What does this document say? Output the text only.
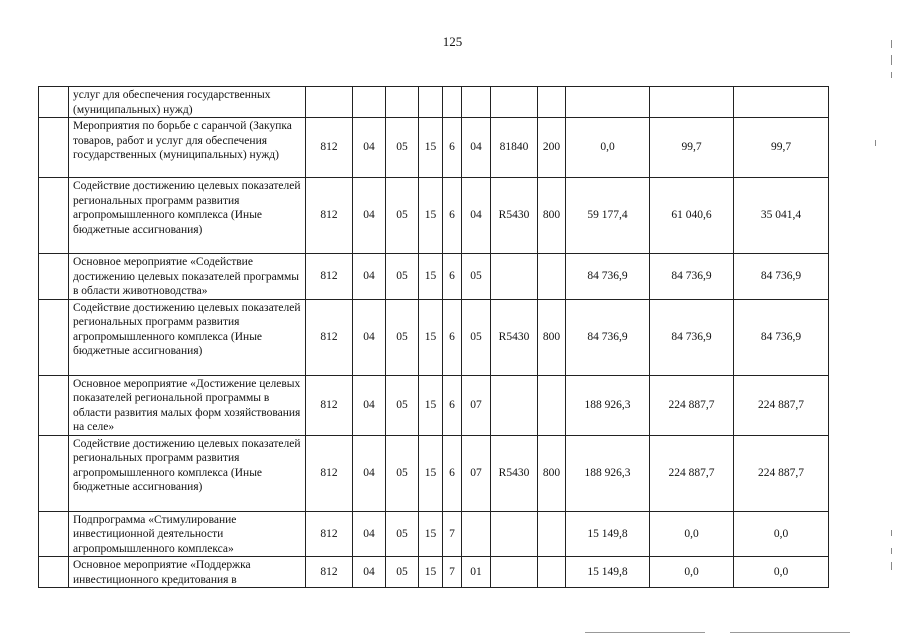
125
	услуг для обеспечения государственных (муниципальных) нужд)											
	Мероприятия по борьбе с саранчой (Закупка товаров, работ и услуг для обеспечения государственных (муниципальных) нужд)	812	04	05	15	6	04	81840	200	0,0	99,7	99,7
	Содействие достижению целевых показателей региональных программ развития агропромышленного комплекса (Иные бюджетные ассигнования)	812	04	05	15	6	04	R5430	800	59 177,4	61 040,6	35 041,4
	Основное мероприятие «Содействие достижению целевых показателей программы в области животноводства»	812	04	05	15	6	05			84 736,9	84 736,9	84 736,9
	Содействие достижению целевых показателей региональных программ развития агропромышленного комплекса (Иные бюджетные ассигнования)	812	04	05	15	6	05	R5430	800	84 736,9	84 736,9	84 736,9
	Основное мероприятие «Достижение целевых показателей региональной программы в области развития малых форм хозяйствования на селе»	812	04	05	15	6	07			188 926,3	224 887,7	224 887,7
	Содействие достижению целевых показателей региональных программ развития агропромышленного комплекса (Иные бюджетные ассигнования)	812	04	05	15	6	07	R5430	800	188 926,3	224 887,7	224 887,7
	Подпрограмма «Стимулирование инвестиционной деятельности агропромышленного комплекса»	812	04	05	15	7				15 149,8	0,0	0,0
	Основное мероприятие «Поддержка инвестиционного кредитования в	812	04	05	15	7	01			15 149,8	0,0	0,0
